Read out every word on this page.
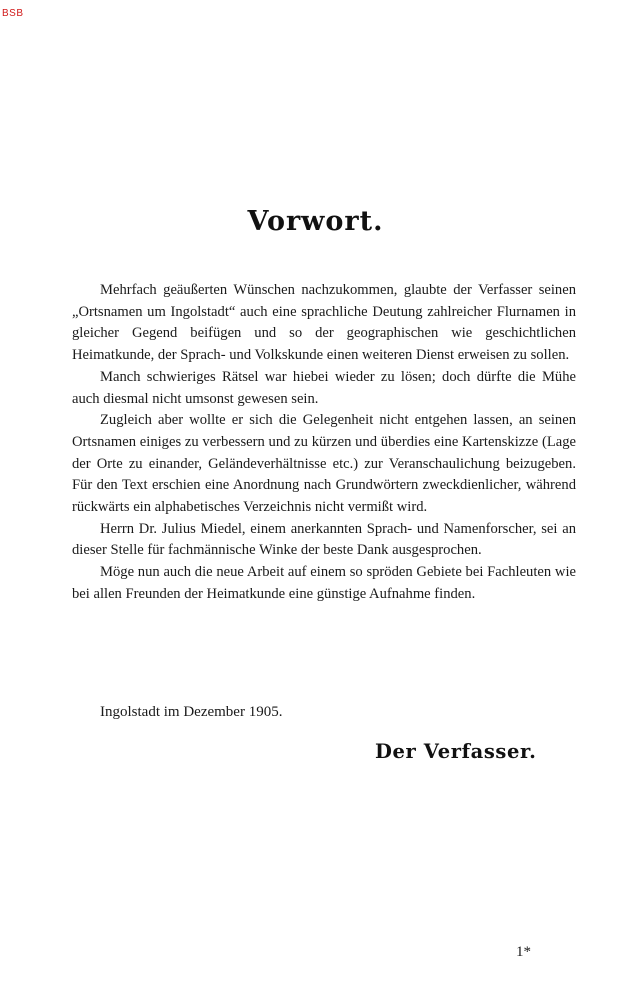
BSB
Vorwort.

Mehrfach geäußerten Wünschen nachzukommen, glaubte der Verfasser seinen „Ortsnamen um Ingolstadt“ auch eine sprachliche Deutung zahlreicher Flurnamen in gleicher Gegend beifügen und so der geographischen wie geschichtlichen Heimatkunde, der Sprach- und Volkskunde einen weiteren Dienst erweisen zu sollen.

Manch schwieriges Rätsel war hiebei wieder zu lösen; doch dürfte die Mühe auch diesmal nicht umsonst gewesen sein.

Zugleich aber wollte er sich die Gelegenheit nicht entgehen lassen, an seinen Ortsnamen einiges zu verbessern und zu kürzen und überdies eine Kartenskizze (Lage der Orte zu einander, Geländeverhältnisse etc.) zur Veranschaulichung beizugeben. Für den Text erschien eine Anordnung nach Grundwörtern zweckdienlicher, während rückwärts ein alphabetisches Verzeichnis nicht vermißt wird.

Herrn Dr. Julius Miedel, einem anerkannten Sprach- und Namenforscher, sei an dieser Stelle für fachmännische Winke der beste Dank ausgesprochen.

Möge nun auch die neue Arbeit auf einem so spröden Gebiete bei Fachleuten wie bei allen Freunden der Heimatkunde eine günstige Aufnahme finden.

Ingolstadt im Dezember 1905.
Der Verfasser.
1*
